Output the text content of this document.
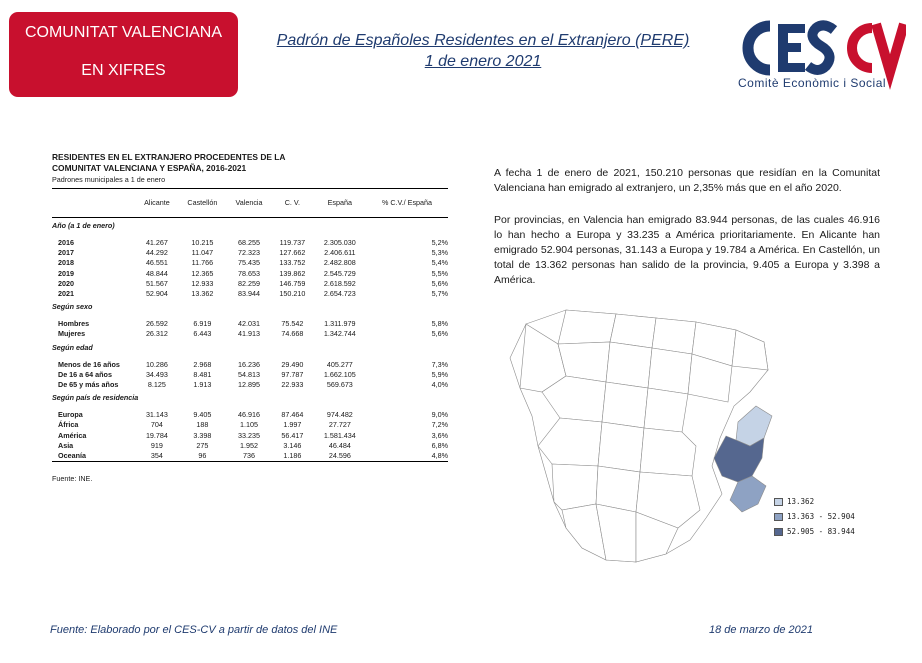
COMUNITAT VALENCIANA
EN XIFRES
Padrón de Españoles Residentes en el Extranjero (PERE)
1 de enero 2021
Comitè Econòmic i Social
RESIDENTES EN EL EXTRANJERO PROCEDENTES DE LA
COMUNITAT VALENCIANA Y ESPAÑA, 2016-2021
Padrones municipales a 1 de enero
	Alicante	Castellón	Valencia	C. V.	España	% C.V./ España

Año (a 1 de enero)						

2016	41.267	10.215	68.255	119.737	2.305.030	5,2%
2017	44.292	11.047	72.323	127.662	2.406.611	5,3%
2018	46.551	11.766	75.435	133.752	2.482.808	5,4%
2019	48.844	12.365	78.653	139.862	2.545.729	5,5%
2020	51.567	12.933	82.259	146.759	2.618.592	5,6%
2021	52.904	13.362	83.944	150.210	2.654.723	5,7%
Según sexo						

Hombres	26.592	6.919	42.031	75.542	1.311.979	5,8%
Mujeres	26.312	6.443	41.913	74.668	1.342.744	5,6%
Según edad						

Menos de 16 años	10.286	2.968	16.236	29.490	405.277	7,3%
De 16 a 64 años	34.493	8.481	54.813	97.787	1.662.105	5,9%
De 65 y más años	8.125	1.913	12.895	22.933	569.673	4,0%
Según país de residencia						

Europa	31.143	9.405	46.916	87.464	974.482	9,0%
África	704	188	1.105	1.997	27.727	7,2%
América	19.784	3.398	33.235	56.417	1.581.434	3,6%
Asia	919	275	1.952	3.146	46.484	6,8%
Oceanía	354	96	736	1.186	24.596	4,8%

Fuente: INE.
A fecha 1 de enero de 2021, 150.210 personas que residían en la Comunitat Valenciana han emigrado al extranjero, un 2,35% más que en el año 2020.
Por provincias, en Valencia han emigrado 83.944 personas, de las cuales 46.916 lo han hecho a Europa y 33.235 a América prioritariamente. En Alicante han emigrado 52.904 personas, 31.143 a Europa y 19.784 a América. En Castellón, un total de 13.362 personas han salido de la provincia, 9.405 a Europa y 3.398 a América.
13.362
13.363 - 52.904
52.905 - 83.944
Fuente: Elaborado por el CES-CV a partir de datos del INE	18 de marzo de 2021
